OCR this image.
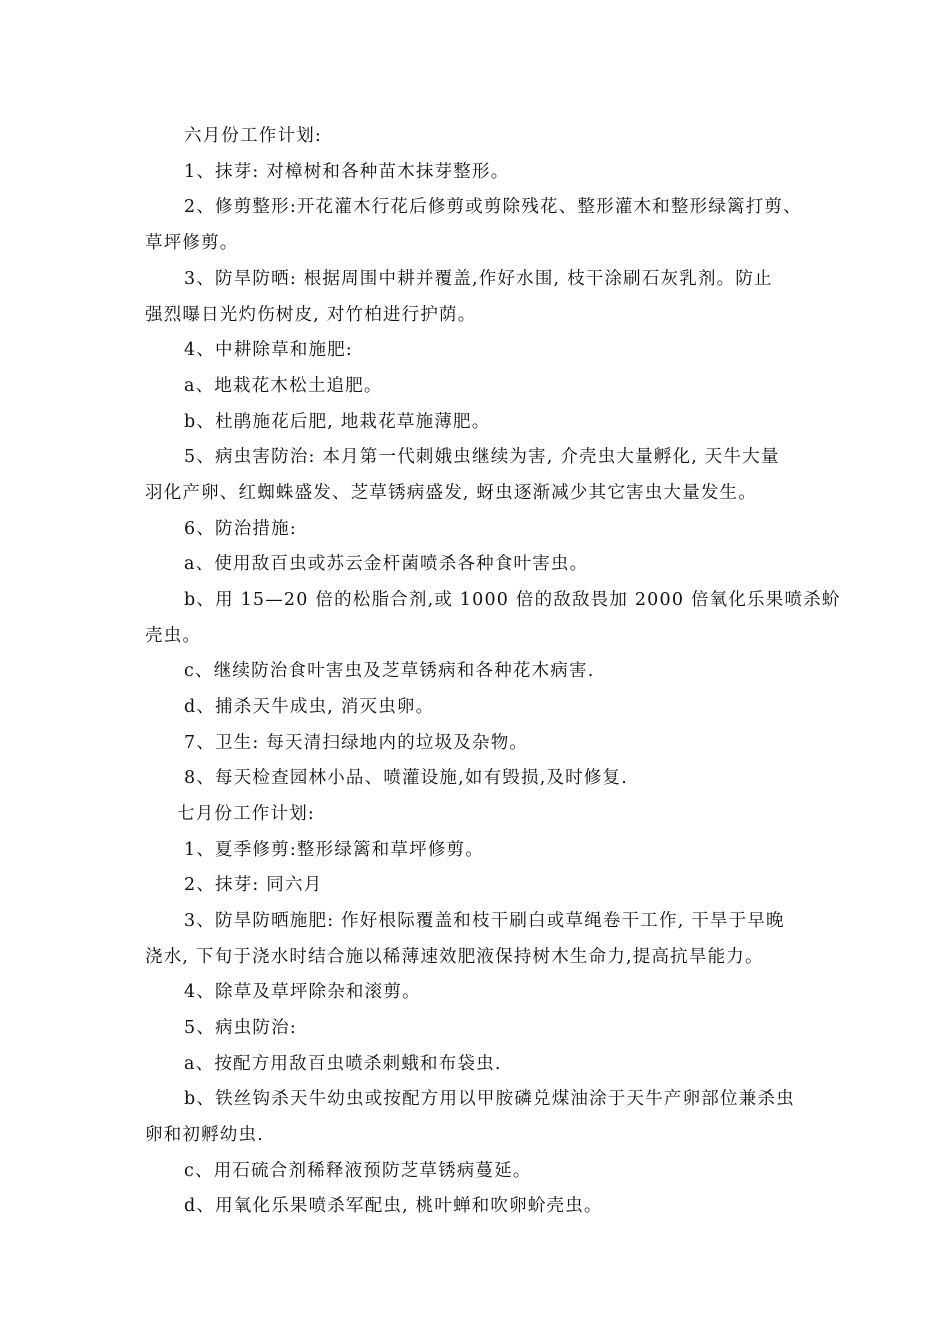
六月份工作计划:
1、抹芽: 对樟树和各种苗木抹芽整形。
2、修剪整形:开花灌木行花后修剪或剪除残花、整形灌木和整形绿篱打剪、
草坪修剪。
3、防旱防晒: 根据周围中耕并覆盖,作好水围, 枝干涂刷石灰乳剂。防止
强烈曝日光灼伤树皮, 对竹柏进行护荫。
4、中耕除草和施肥:
a、地栽花木松土追肥。
b、杜鹃施花后肥, 地栽花草施薄肥。
5、病虫害防治: 本月第一代刺娥虫继续为害, 介壳虫大量孵化, 天牛大量
羽化产卵、红蜘蛛盛发、芝草锈病盛发, 蚜虫逐渐减少其它害虫大量发生。
6、防治措施:
a、使用敌百虫或苏云金杆菌喷杀各种食叶害虫。
b、用 15—20 倍的松脂合剂,或 1000 倍的敌敌畏加 2000 倍氧化乐果喷杀蚧
壳虫。
c、继续防治食叶害虫及芝草锈病和各种花木病害.
d、捕杀天牛成虫, 消灭虫卵。
7、卫生: 每天清扫绿地内的垃圾及杂物。
8、每天检查园林小品、喷灌设施,如有毁损,及时修复.
七月份工作计划:
1、夏季修剪:整形绿篱和草坪修剪。
2、抹芽: 同六月
3、防旱防晒施肥: 作好根际覆盖和枝干刷白或草绳卷干工作, 干旱于早晚
浇水, 下旬于浇水时结合施以稀薄速效肥液保持树木生命力,提高抗旱能力。
4、除草及草坪除杂和滚剪。
5、病虫防治:
a、按配方用敌百虫喷杀刺蛾和布袋虫.
b、铁丝钩杀天牛幼虫或按配方用以甲胺磷兑煤油涂于天牛产卵部位兼杀虫
卵和初孵幼虫.
c、用石硫合剂稀释液预防芝草锈病蔓延。
d、用氧化乐果喷杀军配虫, 桃叶蝉和吹卵蚧壳虫。
